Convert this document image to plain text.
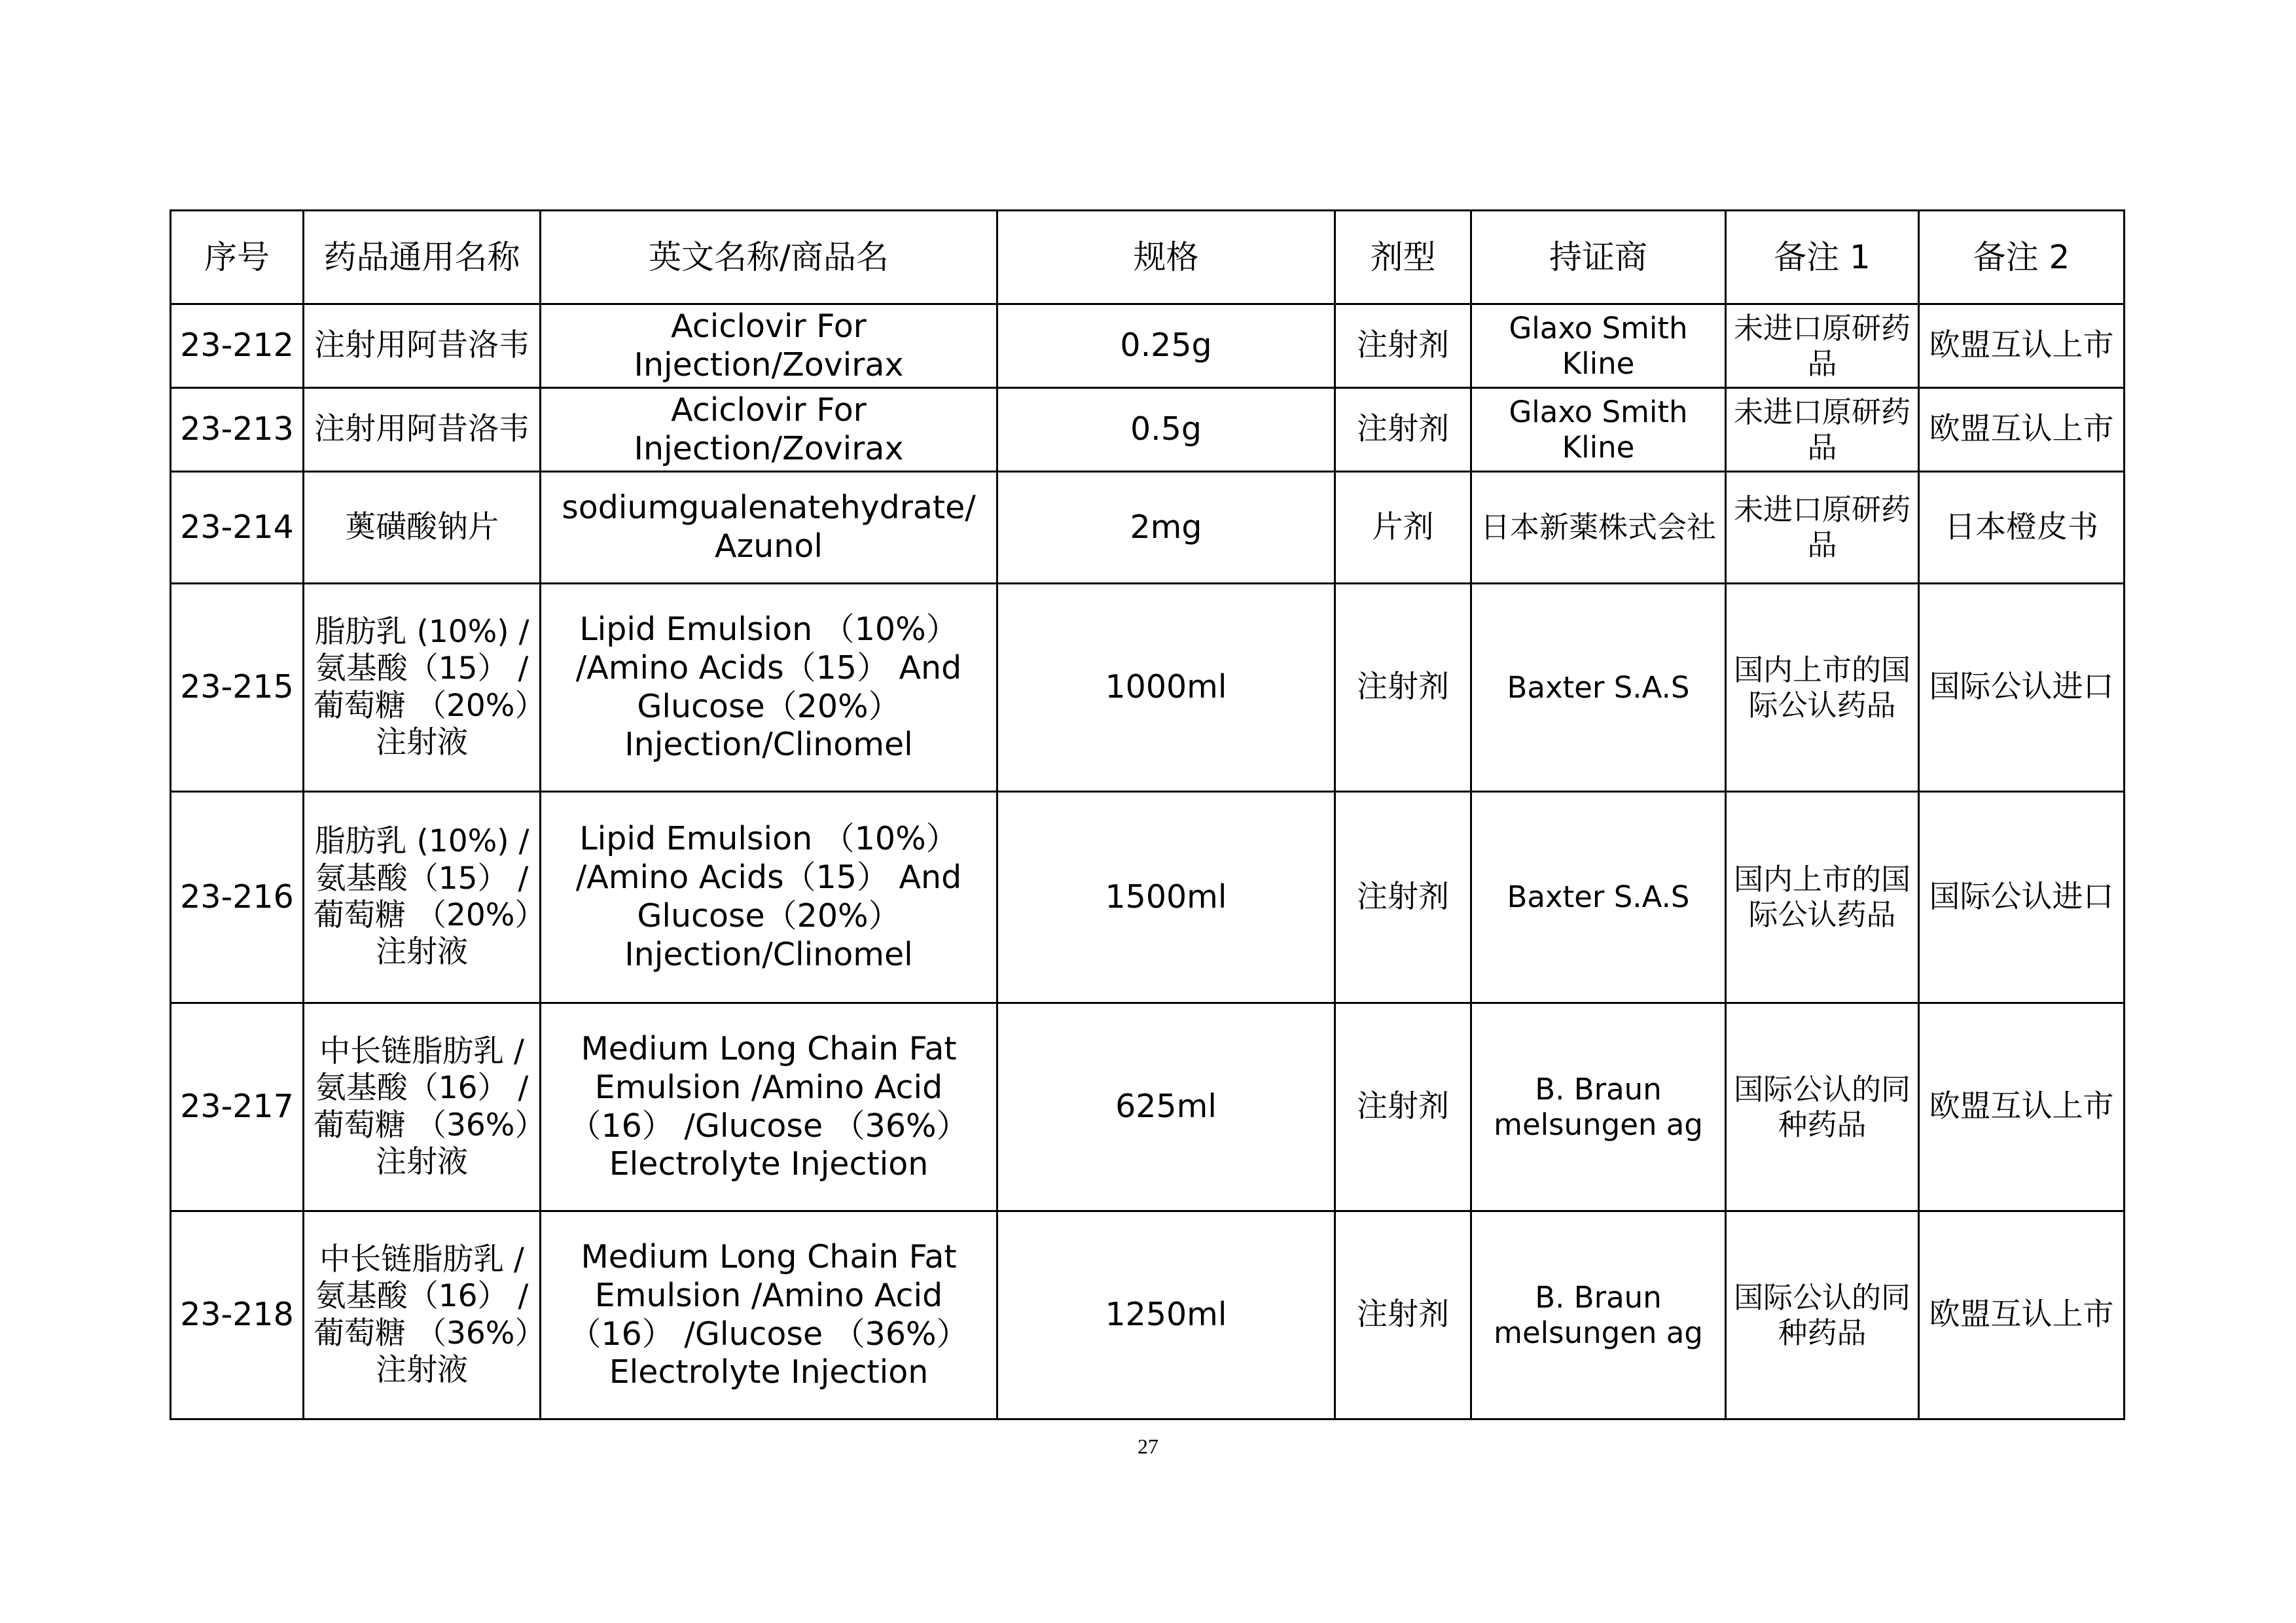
序号	药品通用名称	英文名称/商品名	规格	剂型	持证商	备注 1	备注 2
23-212	注射用阿昔洛韦	Aciclovir For Injection/Zovirax	0.25g	注射剂	Glaxo Smith Kline	未进口原研药品	欧盟互认上市
23-213	注射用阿昔洛韦	Aciclovir For Injection/Zovirax	0.5g	注射剂	Glaxo Smith Kline	未进口原研药品	欧盟互认上市
23-214	薁磺酸钠片	sodiumgualenatehydrate/ Azunol	2mg	片剂	日本新薬株式会社	未进口原研药品	日本橙皮书
23-215	脂肪乳 (10%) /氨基酸（15） /葡萄糖 （20%）注射液	Lipid Emulsion （10%） /Amino Acids（15） And Glucose（20%） Injection/Clinomel	1000ml	注射剂	Baxter S.A.S	国内上市的国际公认药品	国际公认进口
23-216	脂肪乳 (10%) /氨基酸（15） /葡萄糖 （20%）注射液	Lipid Emulsion （10%） /Amino Acids（15） And Glucose（20%） Injection/Clinomel	1500ml	注射剂	Baxter S.A.S	国内上市的国际公认药品	国际公认进口
23-217	中长链脂肪乳 /氨基酸（16） /葡萄糖 （36%）注射液	Medium Long Chain Fat Emulsion /Amino Acid （16） /Glucose （36%） Electrolyte Injection	625ml	注射剂	B. Braun melsungen ag	国际公认的同种药品	欧盟互认上市
23-218	中长链脂肪乳 /氨基酸（16） /葡萄糖 （36%）注射液	Medium Long Chain Fat Emulsion /Amino Acid （16） /Glucose （36%） Electrolyte Injection	1250ml	注射剂	B. Braun melsungen ag	国际公认的同种药品	欧盟互认上市
27
